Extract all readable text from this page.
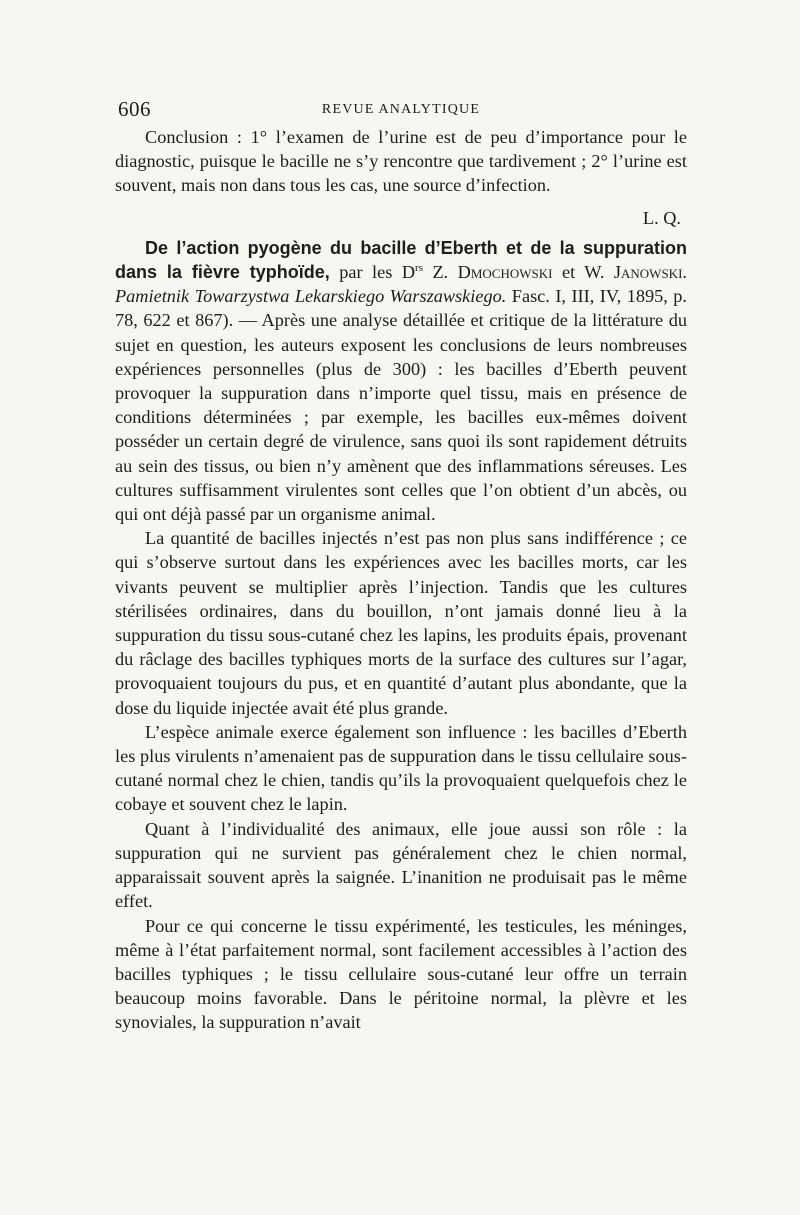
606	REVUE ANALYTIQUE

Conclusion : 1° l’examen de l’urine est de peu d’importance pour le diagnostic, puisque le bacille ne s’y rencontre que tardivement ; 2° l’urine est souvent, mais non dans tous les cas, une source d’infection.

L. Q.

De l’action pyogène du bacille d’Eberth et de la suppuration dans la fièvre typhoïde, par les $D^{rs}$ Z. Dmochowski et W. Janowski. Pamietnik Towarzystwa Lekarskiego Warszawskiego. Fasc. I, III, IV, 1895, p. 78, 622 et 867). — Après une analyse détaillée et critique de la littérature du sujet en question, les auteurs exposent les conclusions de leurs nombreuses expériences personnelles (plus de 300) : les bacilles d’Eberth peuvent provoquer la suppuration dans n’importe quel tissu, mais en présence de conditions déterminées ; par exemple, les bacilles eux-mêmes doivent posséder un certain degré de virulence, sans quoi ils sont rapidement détruits au sein des tissus, ou bien n’y amènent que des inflammations séreuses. Les cultures suffisamment virulentes sont celles que l’on obtient d’un abcès, ou qui ont déjà passé par un organisme animal.

La quantité de bacilles injectés n’est pas non plus sans indifférence ; ce qui s’observe surtout dans les expériences avec les bacilles morts, car les vivants peuvent se multiplier après l’injection. Tandis que les cultures stérilisées ordinaires, dans du bouillon, n’ont jamais donné lieu à la suppuration du tissu sous-cutané chez les lapins, les produits épais, provenant du râclage des bacilles typhiques morts de la surface des cultures sur l’agar, provoquaient toujours du pus, et en quantité d’autant plus abondante, que la dose du liquide injectée avait été plus grande.

L’espèce animale exerce également son influence : les bacilles d’Eberth les plus virulents n’amenaient pas de suppuration dans le tissu cellulaire sous-cutané normal chez le chien, tandis qu’ils la provoquaient quelquefois chez le cobaye et souvent chez le lapin.

Quant à l’individualité des animaux, elle joue aussi son rôle : la suppuration qui ne survient pas généralement chez le chien normal, apparaissait souvent après la saignée. L’inanition ne produisait pas le même effet.

Pour ce qui concerne le tissu expérimenté, les testicules, les méninges, même à l’état parfaitement normal, sont facilement accessibles à l’action des bacilles typhiques ; le tissu cellulaire sous-cutané leur offre un terrain beaucoup moins favorable. Dans le péritoine normal, la plèvre et les synoviales, la suppuration n’avait
